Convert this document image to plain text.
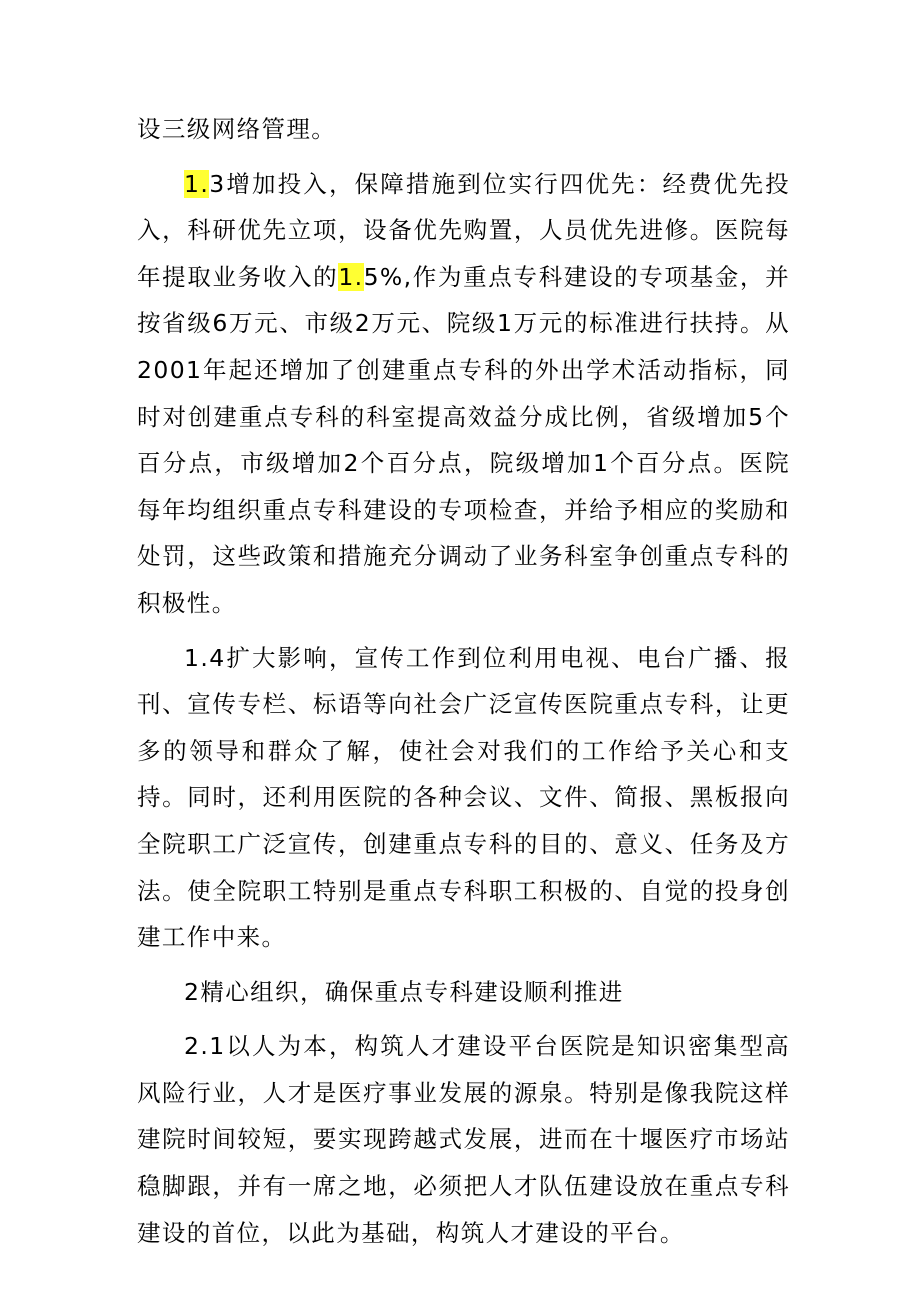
设三级网络管理。

1.3增加投入，保障措施到位实行四优先：经费优先投入，科研优先立项，设备优先购置，人员优先进修。医院每年提取业务收入的1.5%,作为重点专科建设的专项基金，并按省级6万元、市级2万元、院级1万元的标准进行扶持。从2001年起还增加了创建重点专科的外出学术活动指标，同时对创建重点专科的科室提高效益分成比例，省级增加5个百分点，市级增加2个百分点，院级增加1个百分点。医院每年均组织重点专科建设的专项检查，并给予相应的奖励和处罚，这些政策和措施充分调动了业务科室争创重点专科的积极性。

1.4扩大影响，宣传工作到位利用电视、电台广播、报刊、宣传专栏、标语等向社会广泛宣传医院重点专科，让更多的领导和群众了解，使社会对我们的工作给予关心和支持。同时，还利用医院的各种会议、文件、简报、黑板报向全院职工广泛宣传，创建重点专科的目的、意义、任务及方法。使全院职工特别是重点专科职工积极的、自觉的投身创建工作中来。

2精心组织，确保重点专科建设顺利推进

2.1以人为本，构筑人才建设平台医院是知识密集型高风险行业，人才是医疗事业发展的源泉。特别是像我院这样建院时间较短，要实现跨越式发展，进而在十堰医疗市场站稳脚跟，并有一席之地，必须把人才队伍建设放在重点专科建设的首位，以此为基础，构筑人才建设的平台。
